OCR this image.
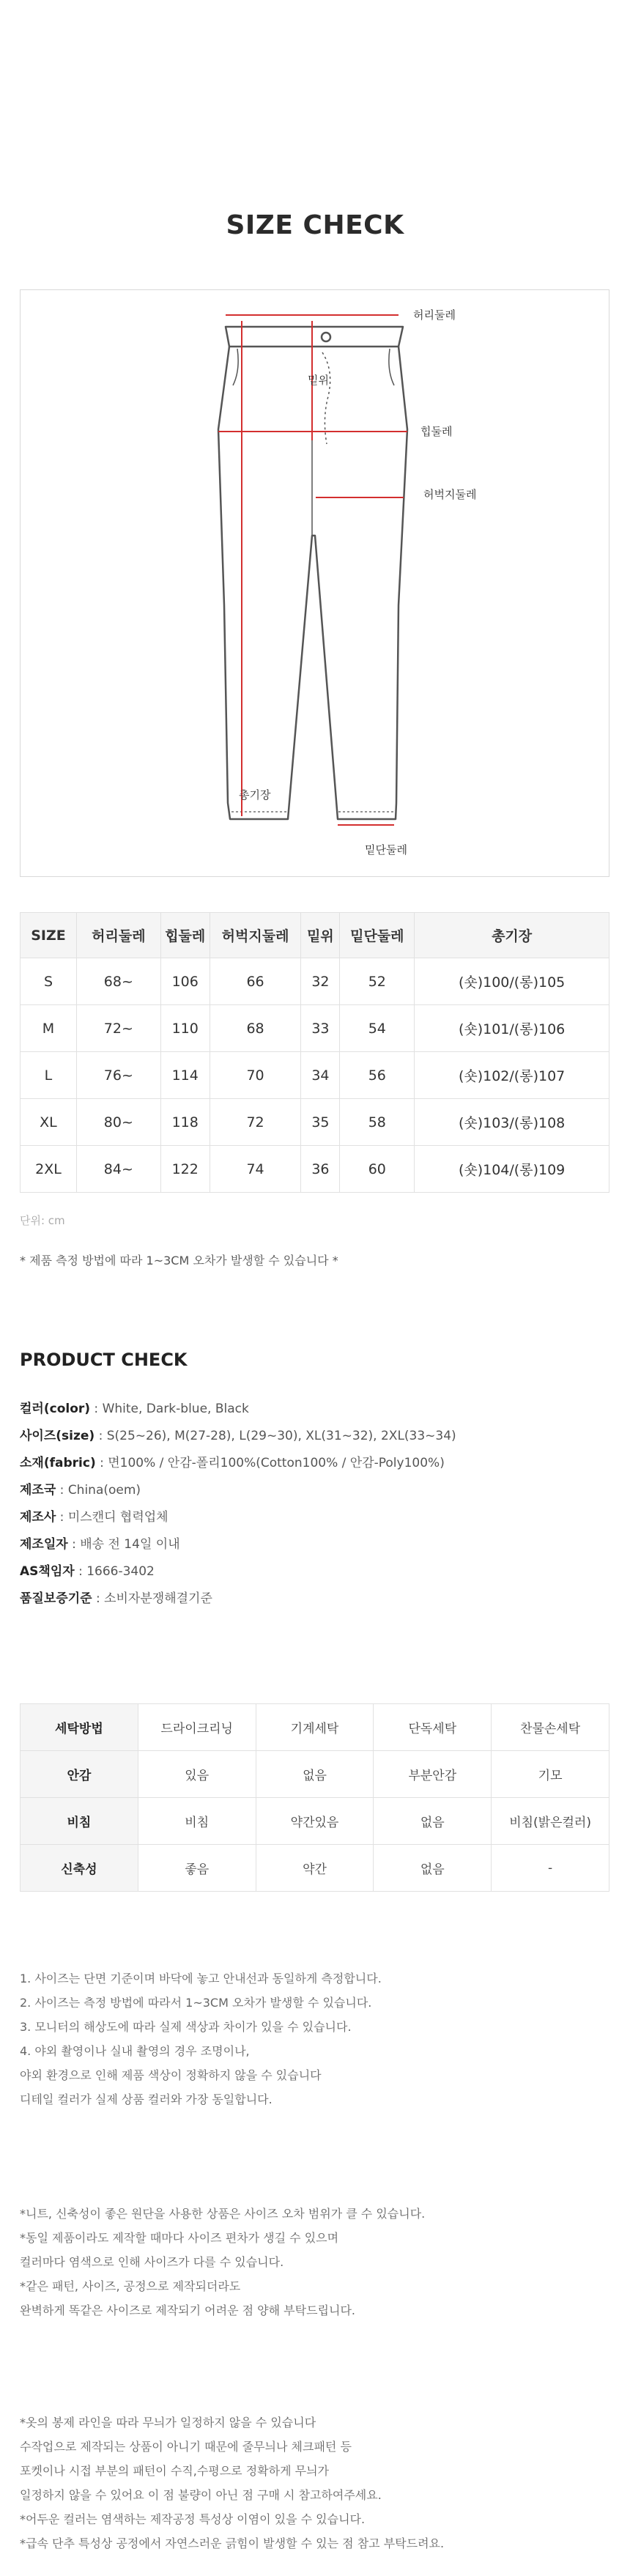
SIZE CHECK
허리둘레
밑위
힙둘레
허벅지둘레
총기장
밑단둘레
SIZE	허리둘레	힙둘레	허벅지둘레	밑위	밑단둘레	총기장
S	68~	106	66	32	52	(숏)100/(롱)105
M	72~	110	68	33	54	(숏)101/(롱)106
L	76~	114	70	34	56	(숏)102/(롱)107
XL	80~	118	72	35	58	(숏)103/(롱)108
2XL	84~	122	74	36	60	(숏)104/(롱)109
단위: cm
* 제품 측정 방법에 따라 1~3CM 오차가 발생할 수 있습니다 *
PRODUCT CHECK
컬러(color) : White, Dark-blue, Black
사이즈(size) : S(25~26), M(27-28), L(29~30), XL(31~32), 2XL(33~34)
소재(fabric) : 면100% / 안감-폴리100%(Cotton100% / 안감-Poly100%)
제조국 : China(oem)
제조사 : 미스캔디 협력업체
제조일자 : 배송 전 14일 이내
AS책임자 : 1666-3402
품질보증기준 : 소비자분쟁해결기준
세탁방법	드라이크리닝	기계세탁	단독세탁	찬물손세탁
안감	있음	없음	부분안감	기모
비침	비침	약간있음	없음	비침(밝은컬러)
신축성	좋음	약간	없음	-
1. 사이즈는 단면 기준이며 바닥에 놓고 안내선과 동일하게 측정합니다.
2. 사이즈는 측정 방법에 따라서 1~3CM 오차가 발생할 수 있습니다.
3. 모니터의 해상도에 따라 실제 색상과 차이가 있을 수 있습니다.
4. 야외 촬영이나 실내 촬영의 경우 조명이나,
야외 환경으로 인해 제품 색상이 정확하지 않을 수 있습니다
디테일 컬러가 실제 상품 컬러와 가장 동일합니다.
*니트, 신축성이 좋은 원단을 사용한 상품은 사이즈 오차 범위가 클 수 있습니다.
*동일 제품이라도 제작할 때마다 사이즈 편차가 생길 수 있으며
컬러마다 염색으로 인해 사이즈가 다를 수 있습니다.
*같은 패턴, 사이즈, 공정으로 제작되더라도
완벽하게 똑같은 사이즈로 제작되기 어려운 점 양해 부탁드립니다.
*옷의 봉제 라인을 따라 무늬가 일정하지 않을 수 있습니다
수작업으로 제작되는 상품이 아니기 때문에 줄무늬나 체크패턴 등
포켓이나 시접 부분의 패턴이 수직,수평으로 정확하게 무늬가
일정하지 않을 수 있어요 이 점 불량이 아닌 점 구매 시 참고하여주세요.
*어두운 컬러는 염색하는 제작공정 특성상 이염이 있을 수 있습니다.
*급속 단추 특성상 공정에서 자연스러운 긁힘이 발생할 수 있는 점 참고 부탁드려요.
